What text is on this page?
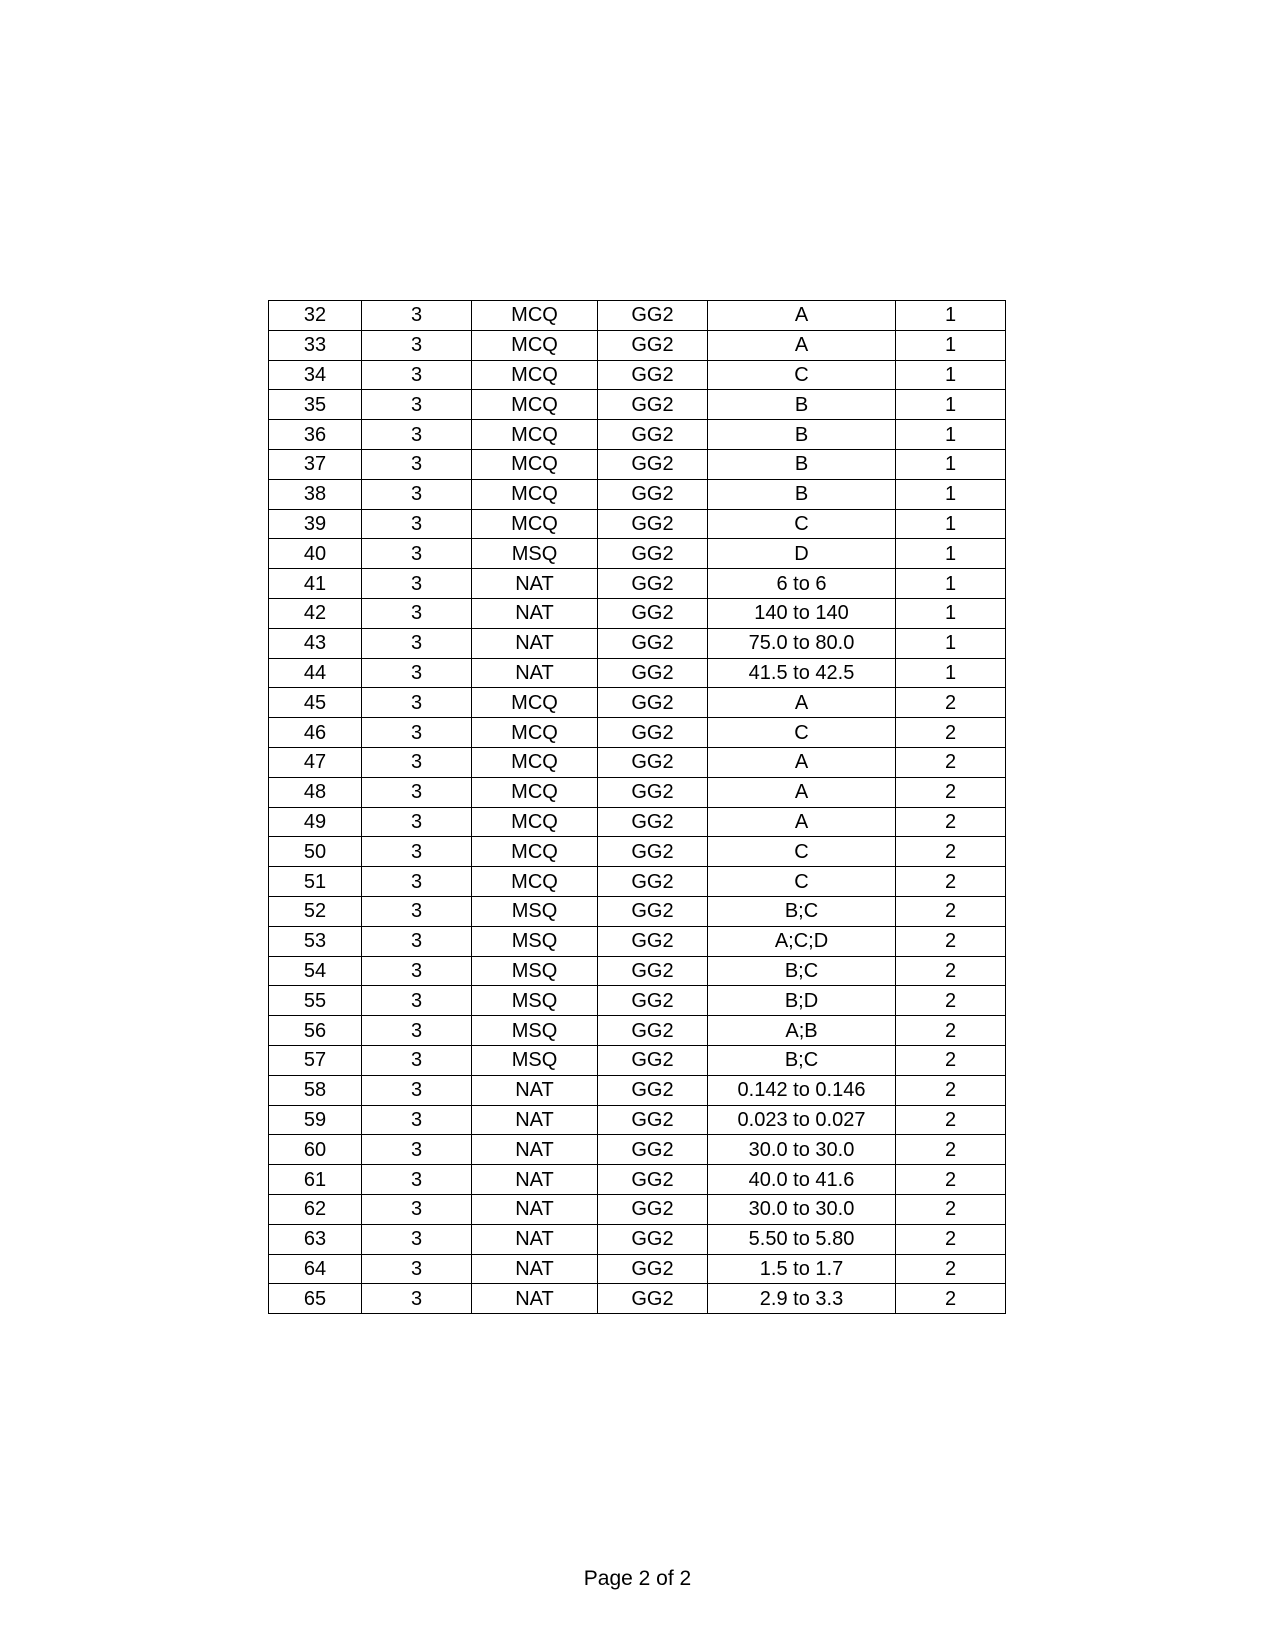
32	3	MCQ	GG2	A	1
33	3	MCQ	GG2	A	1
34	3	MCQ	GG2	C	1
35	3	MCQ	GG2	B	1
36	3	MCQ	GG2	B	1
37	3	MCQ	GG2	B	1
38	3	MCQ	GG2	B	1
39	3	MCQ	GG2	C	1
40	3	MSQ	GG2	D	1
41	3	NAT	GG2	6 to 6	1
42	3	NAT	GG2	140 to 140	1
43	3	NAT	GG2	75.0 to 80.0	1
44	3	NAT	GG2	41.5 to 42.5	1
45	3	MCQ	GG2	A	2
46	3	MCQ	GG2	C	2
47	3	MCQ	GG2	A	2
48	3	MCQ	GG2	A	2
49	3	MCQ	GG2	A	2
50	3	MCQ	GG2	C	2
51	3	MCQ	GG2	C	2
52	3	MSQ	GG2	B;C	2
53	3	MSQ	GG2	A;C;D	2
54	3	MSQ	GG2	B;C	2
55	3	MSQ	GG2	B;D	2
56	3	MSQ	GG2	A;B	2
57	3	MSQ	GG2	B;C	2
58	3	NAT	GG2	0.142 to 0.146	2
59	3	NAT	GG2	0.023 to 0.027	2
60	3	NAT	GG2	30.0 to 30.0	2
61	3	NAT	GG2	40.0 to 41.6	2
62	3	NAT	GG2	30.0 to 30.0	2
63	3	NAT	GG2	5.50 to 5.80	2
64	3	NAT	GG2	1.5 to 1.7	2
65	3	NAT	GG2	2.9 to 3.3	2
Page 2 of 2
